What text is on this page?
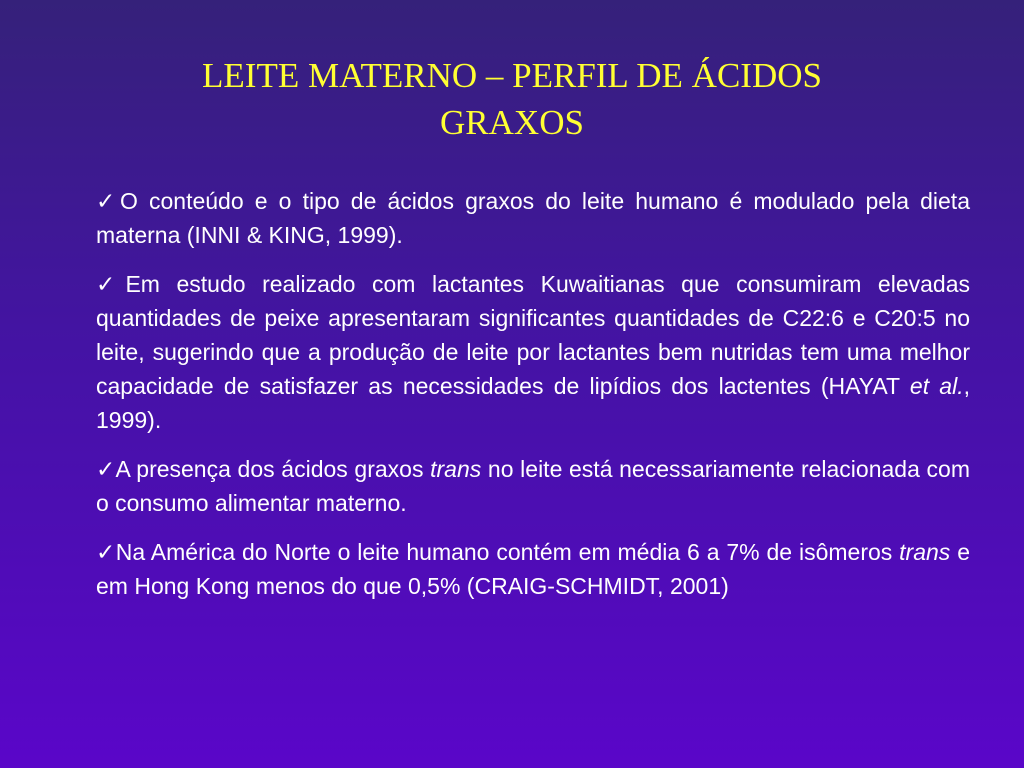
LEITE MATERNO – PERFIL DE ÁCIDOS
GRAXOS
✓O conteúdo e o tipo de ácidos graxos do leite humano é modulado pela dieta materna (INNI & KING, 1999).
✓Em estudo realizado com lactantes Kuwaitianas que consumiram elevadas quantidades de peixe apresentaram significantes quantidades de C22:6 e C20:5 no leite, sugerindo que a produção de leite por lactantes bem nutridas tem uma melhor capacidade de satisfazer as necessidades de lipídios dos lactentes (HAYAT et al., 1999).
✓A presença dos ácidos graxos trans no leite está necessariamente relacionada com o consumo alimentar materno.
✓Na América do Norte o leite humano contém em média 6 a 7% de isômeros trans e em Hong Kong menos do que 0,5% (CRAIG-SCHMIDT, 2001)
